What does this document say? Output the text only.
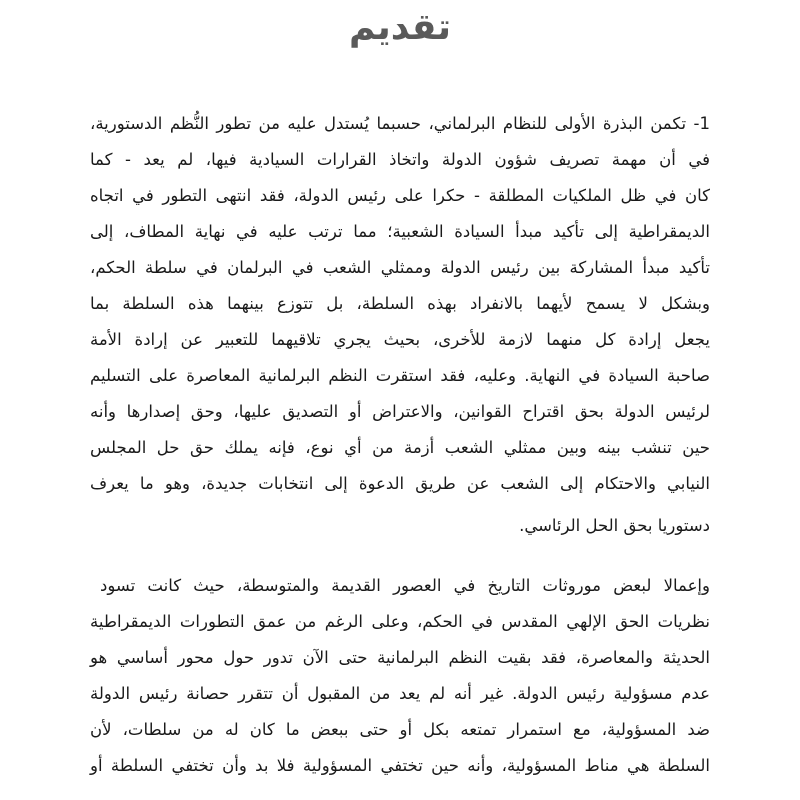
تقديم
1- تكمن البذرة الأولى للنظام البرلماني، حسبما يُستدل عليه من تطور النُّظم الدستورية،
في أن مهمة تصريف شؤون الدولة واتخاذ القرارات السيادية فيها، لم يعد - كما
كان في ظل الملكيات المطلقة - حكرا على رئيس الدولة، فقد انتهى التطور في اتجاه
الديمقراطية إلى تأكيد مبدأ السيادة الشعبية؛ مما ترتب عليه في نهاية المطاف، إلى
تأكيد مبدأ المشاركة بين رئيس الدولة وممثلي الشعب في البرلمان في سلطة الحكم،
وبشكل لا يسمح لأيهما بالانفراد بهذه السلطة، بل تتوزع بينهما هذه السلطة بما
يجعل إرادة كل منهما لازمة للأخرى، بحيث يجري تلاقيهما للتعبير عن إرادة الأمة
صاحبة السيادة في النهاية. وعليه، فقد استقرت النظم البرلمانية المعاصرة على التسليم
لرئيس الدولة بحق اقتراح القوانين، والاعتراض أو التصديق عليها، وحق إصدارها وأنه
حين تنشب بينه وبين ممثلي الشعب أزمة من أي نوع، فإنه يملك حق حل المجلس
النيابي والاحتكام إلى الشعب عن طريق الدعوة إلى انتخابات جديدة، وهو ما يعرف
دستوريا بحق الحل الرئاسي.
وإعمالا لبعض موروثات التاريخ في العصور القديمة والمتوسطة، حيث كانت تسود
نظريات الحق الإلهي المقدس في الحكم، وعلى الرغم من عمق التطورات الديمقراطية
الحديثة والمعاصرة، فقد بقيت النظم البرلمانية حتى الآن تدور حول محور أساسي هو
عدم مسؤولية رئيس الدولة. غير أنه لم يعد من المقبول أن تتقرر حصانة رئيس الدولة
ضد المسؤولية، مع استمرار تمتعه بكل أو حتى ببعض ما كان له من سلطات، لأن
السلطة هي مناط المسؤولية، وأنه حين تختفي المسؤولية فلا بد وأن تختفي السلطة أو
